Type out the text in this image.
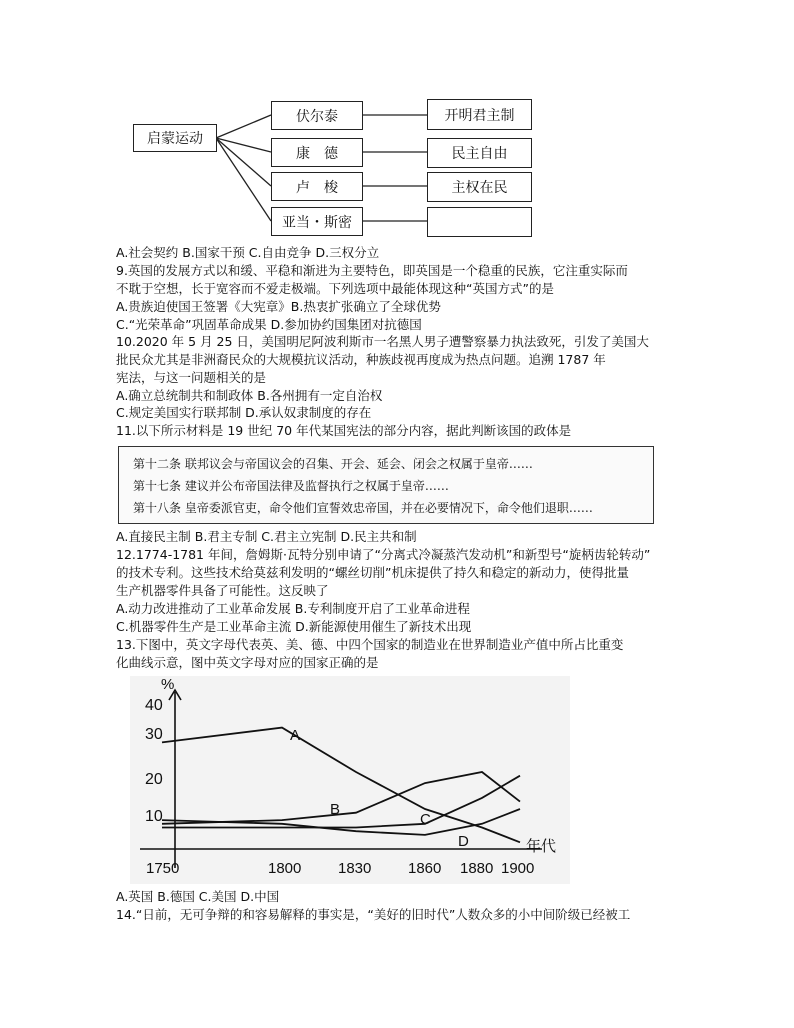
启蒙运动
伏尔泰
康　德
卢　梭
亚当・斯密
开明君主制
民主自由
主权在民
A.社会契约 B.国家干预 C.自由竞争 D.三权分立
9.英国的发展方式以和缓、平稳和渐进为主要特色，即英国是一个稳重的民族，它注重实际而
不耽于空想，长于宽容而不爱走极端。下列选项中最能体现这种“英国方式”的是
A.贵族迫使国王签署《大宪章》B.热衷扩张确立了全球优势
C.“光荣革命”巩固革命成果 D.参加协约国集团对抗德国
10.2020 年 5 月 25 日，美国明尼阿波利斯市一名黑人男子遭警察暴力执法致死，引发了美国大
批民众尤其是非洲裔民众的大规模抗议活动，种族歧视再度成为热点问题。追溯 1787 年
宪法，与这一问题相关的是
A.确立总统制共和制政体 B.各州拥有一定自治权
C.规定美国实行联邦制 D.承认奴隶制度的存在
11.以下所示材料是 19 世纪 70 年代某国宪法的部分内容，据此判断该国的政体是
第十二条 联邦议会与帝国议会的召集、开会、延会、闭会之权属于皇帝……
第十七条 建议并公布帝国法律及监督执行之权属于皇帝……
第十八条 皇帝委派官吏，命令他们宣誓效忠帝国，并在必要情况下，命令他们退职……
A.直接民主制 B.君主专制 C.君主立宪制 D.民主共和制
12.1774-1781 年间，詹姆斯·瓦特分别申请了“分离式冷凝蒸汽发动机”和新型号“旋柄齿轮转动”
的技术专利。这些技术给莫兹利发明的“螺丝切削”机床提供了持久和稳定的新动力，使得批量
生产机器零件具备了可能性。这反映了
A.动力改进推动了工业革命发展 B.专利制度开启了工业革命进程
C.机器零件生产是工业革命主流 D.新能源使用催生了新技术出现
13.下图中，英文字母代表英、美、德、中四个国家的制造业在世界制造业产值中所占比重变
化曲线示意，图中英文字母对应的国家正确的是
%
年代
40
30
20
10
1750	1800 1830 1860 1880 1900
A
B
C
D
A.英国 B.德国 C.美国 D.中国
14.“日前，无可争辩的和容易解释的事实是，“美好的旧时代”人数众多的小中间阶级已经被工
